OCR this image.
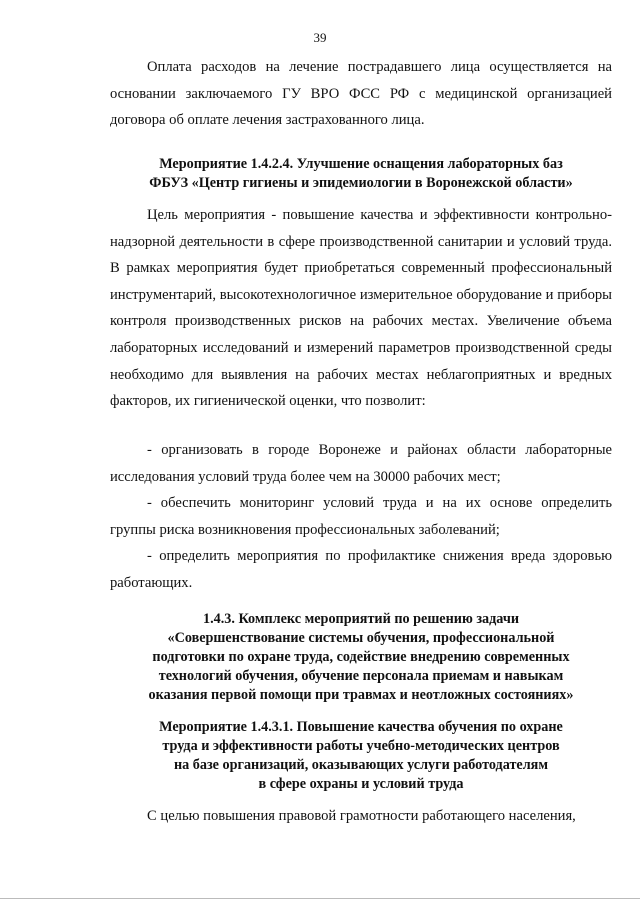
39
Оплата расходов на лечение пострадавшего лица осуществляется на основании заключаемого ГУ ВРО ФСС РФ с медицинской организацией договора об оплате лечения застрахованного лица.
Мероприятие 1.4.2.4. Улучшение оснащения лабораторных баз
ФБУЗ «Центр гигиены и эпидемиологии в Воронежской области»
Цель мероприятия - повышение качества и эффективности контрольно-надзорной деятельности в сфере производственной санитарии и условий труда. В рамках мероприятия будет приобретаться современный профессиональный инструментарий, высокотехнологичное измерительное оборудование и приборы контроля производственных рисков на рабочих местах. Увеличение объема лабораторных исследований и измерений параметров производственной среды необходимо для выявления на рабочих местах неблагоприятных и вредных факторов, их гигиенической оценки, что позволит:
- организовать в городе Воронеже и районах области лабораторные исследования условий труда более чем на 30000 рабочих мест;
- обеспечить мониторинг условий труда и на их основе определить группы риска возникновения профессиональных заболеваний;
- определить мероприятия по профилактике снижения вреда здоровью работающих.
1.4.3. Комплекс мероприятий по решению задачи
«Совершенствование системы обучения, профессиональной
подготовки по охране труда, содействие внедрению современных
технологий обучения, обучение персонала приемам и навыкам
оказания первой помощи при травмах и неотложных состояниях»
Мероприятие 1.4.3.1. Повышение качества обучения по охране
труда и эффективности работы учебно-методических центров
на базе организаций, оказывающих услуги работодателям
в сфере охраны и условий труда
С целью повышения правовой грамотности работающего населения,
